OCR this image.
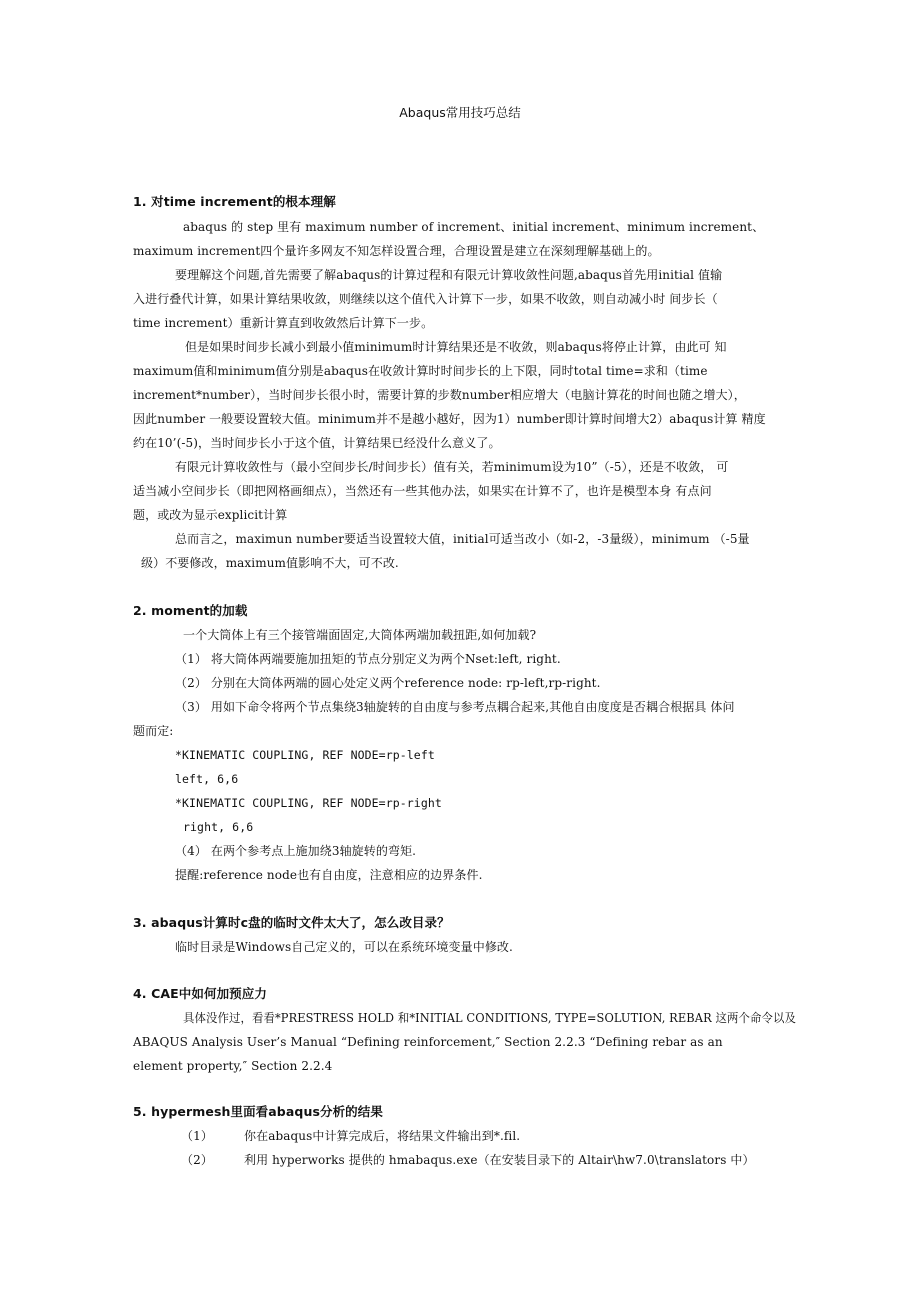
Abaqus常用技巧总结
1. 对time increment的根本理解
abaqus 的 step 里有 maximum number of increment、initial increment、minimum increment、
maximum increment四个量许多网友不知怎样设置合理，合理设置是建立在深刻理解基础上的。
要理解这个问题,首先需要了解abaqus的计算过程和有限元计算收敛性问题,abaqus首先用initial 值输
入进行叠代计算，如果计算结果收敛，则继续以这个值代入计算下一步，如果不收敛，则自动减小时 间步长（
time increment）重新计算直到收敛然后计算下一步。
但是如果时间步长减小到最小值minimum时计算结果还是不收敛，则abaqus将停止计算，由此可 知
maximum值和minimum值分别是abaqus在收敛计算时时间步长的上下限，同时total time=求和（time
increment*number），当时间步长很小时，需要计算的步数number相应增大（电脑计算花的时间也随之增大），
因此number 一般要设置较大值。minimum并不是越小越好，因为1）number即计算时间增大2）abaqus计算 精度
约在10’(-5)，当时间步长小于这个值，计算结果已经没什么意义了。
有限元计算收敛性与（最小空间步长/时间步长）值有关，若minimum设为10”（-5），还是不收敛， 可
适当减小空间步长（即把网格画细点），当然还有一些其他办法，如果实在计算不了，也许是模型本身 有点问
题，或改为显示explicit计算
总而言之，maximun number要适当设置较大值，initial可适当改小（如-2，-3量级），minimum （-5量
级）不要修改，maximum值影响不大，可不改.
2. moment的加载
一个大筒体上有三个接管端面固定,大筒体两端加载扭距,如何加载?
（1） 将大筒体两端要施加扭矩的节点分别定义为两个Nset:left, right.
（2） 分别在大筒体两端的圆心处定义两个reference node: rp-left,rp-right.
（3） 用如下命令将两个节点集绕3轴旋转的自由度与参考点耦合起来,其他自由度度是否耦合根据具 体问
题而定:
*KINEMATIC COUPLING, REF NODE=rp-left
left, 6,6
*KINEMATIC COUPLING, REF NODE=rp-right
right, 6,6
（4） 在两个参考点上施加绕3轴旋转的弯矩.
提醒:reference node也有自由度，注意相应的边界条件.
3. abaqus计算时c盘的临时文件太大了，怎么改目录？
临时目录是Windows自己定义的，可以在系统环境变量中修改.
4. CAE中如何加预应力
具体没作过，看看*PRESTRESS HOLD 和*INITIAL CONDITIONS, TYPE=SOLUTION, REBAR 这两个命令以及
ABAQUS Analysis User’s Manual “Defining reinforcement,″ Section 2.2.3 “Defining rebar as an
element property,″ Section 2.2.4
5. hypermesh里面看abaqus分析的结果
（1）	你在abaqus中计算完成后，将结果文件输出到*.fil.
（2）	利用 hyperworks 提供的 hmabaqus.exe（在安装目录下的 Altair\hw7.0\translators 中）
